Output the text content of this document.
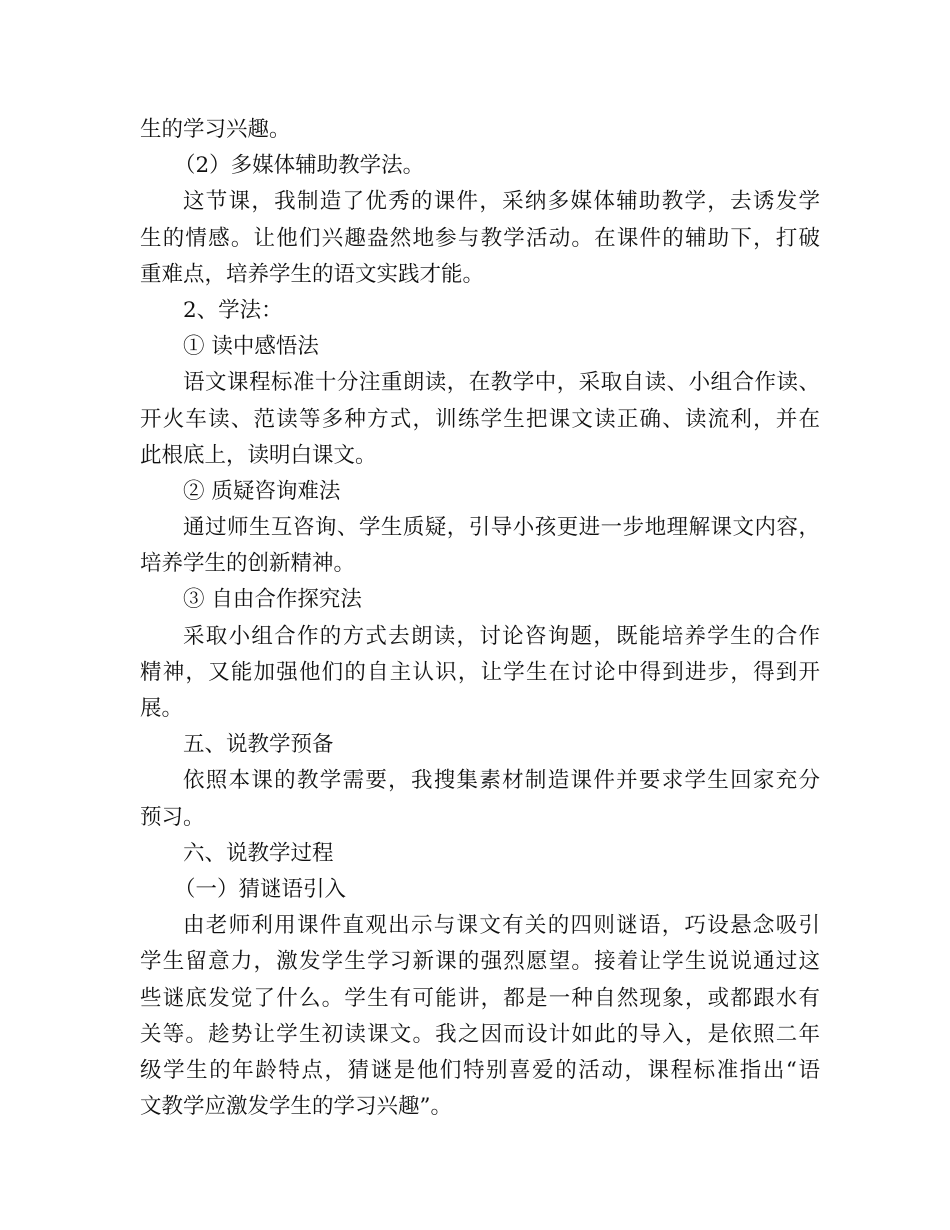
生的学习兴趣。
（2）多媒体辅助教学法。
这节课，我制造了优秀的课件，采纳多媒体辅助教学，去诱发学
生的情感。让他们兴趣盎然地参与教学活动。在课件的辅助下，打破
重难点，培养学生的语文实践才能。
2、学法：
① 读中感悟法
语文课程标准十分注重朗读，在教学中，采取自读、小组合作读、
开火车读、范读等多种方式，训练学生把课文读正确、读流利，并在
此根底上，读明白课文。
② 质疑咨询难法
通过师生互咨询、学生质疑，引导小孩更进一步地理解课文内容，
培养学生的创新精神。
③ 自由合作探究法
采取小组合作的方式去朗读，讨论咨询题，既能培养学生的合作
精神，又能加强他们的自主认识，让学生在讨论中得到进步，得到开
展。
五、说教学预备
依照本课的教学需要，我搜集素材制造课件并要求学生回家充分
预习。
六、说教学过程
（一）猜谜语引入
由老师利用课件直观出示与课文有关的四则谜语，巧设悬念吸引
学生留意力，激发学生学习新课的强烈愿望。接着让学生说说通过这
些谜底发觉了什么。学生有可能讲，都是一种自然现象，或都跟水有
关等。趁势让学生初读课文。我之因而设计如此的导入，是依照二年
级学生的年龄特点，猜谜是他们特别喜爱的活动，课程标准指出“语
文教学应激发学生的学习兴趣”。
